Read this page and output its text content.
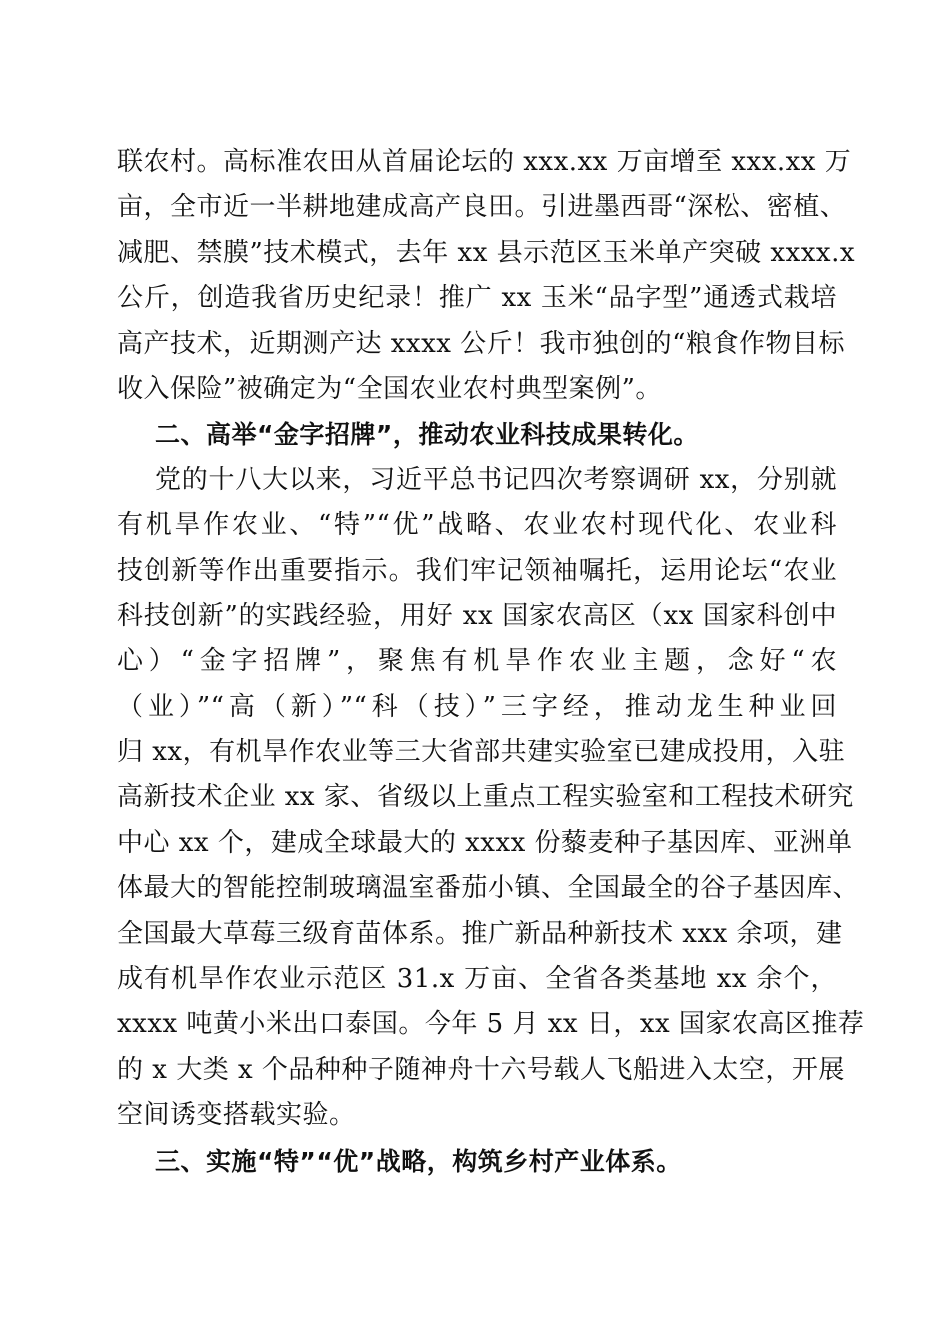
联农村。高标准农田从首届论坛的 xxx.xx 万亩增至 xxx.xx 万
亩，全市近一半耕地建成高产良田。引进墨西哥“深松、密植、
减肥、禁膜”技术模式，去年 xx 县示范区玉米单产突破 xxxx.x
公斤，创造我省历史纪录！推广 xx 玉米“品字型”通透式栽培
高产技术，近期测产达 xxxx 公斤！我市独创的“粮食作物目标
收入保险”被确定为“全国农业农村典型案例”。
二、高举“金字招牌”，推动农业科技成果转化。
党的十八大以来，习近平总书记四次考察调研 xx，分别就
有机旱作农业、“特”“优”战略、农业农村现代化、农业科
技创新等作出重要指示。我们牢记领袖嘱托，运用论坛“农业
科技创新”的实践经验，用好 xx 国家农高区（xx 国家科创中
心）“金字招牌”，聚焦有机旱作农业主题，念好“农
（业）”“高（新）”“科（技）”三字经，推动龙生种业回
归 xx，有机旱作农业等三大省部共建实验室已建成投用，入驻
高新技术企业 xx 家、省级以上重点工程实验室和工程技术研究
中心 xx 个，建成全球最大的 xxxx 份藜麦种子基因库、亚洲单
体最大的智能控制玻璃温室番茄小镇、全国最全的谷子基因库、
全国最大草莓三级育苗体系。推广新品种新技术 xxx 余项，建
成有机旱作农业示范区 31.x 万亩、全省各类基地 xx 余个，
xxxx 吨黄小米出口泰国。今年 5 月 xx 日，xx 国家农高区推荐
的 x 大类 x 个品种种子随神舟十六号载人飞船进入太空，开展
空间诱变搭载实验。
三、实施“特”“优”战略，构筑乡村产业体系。
